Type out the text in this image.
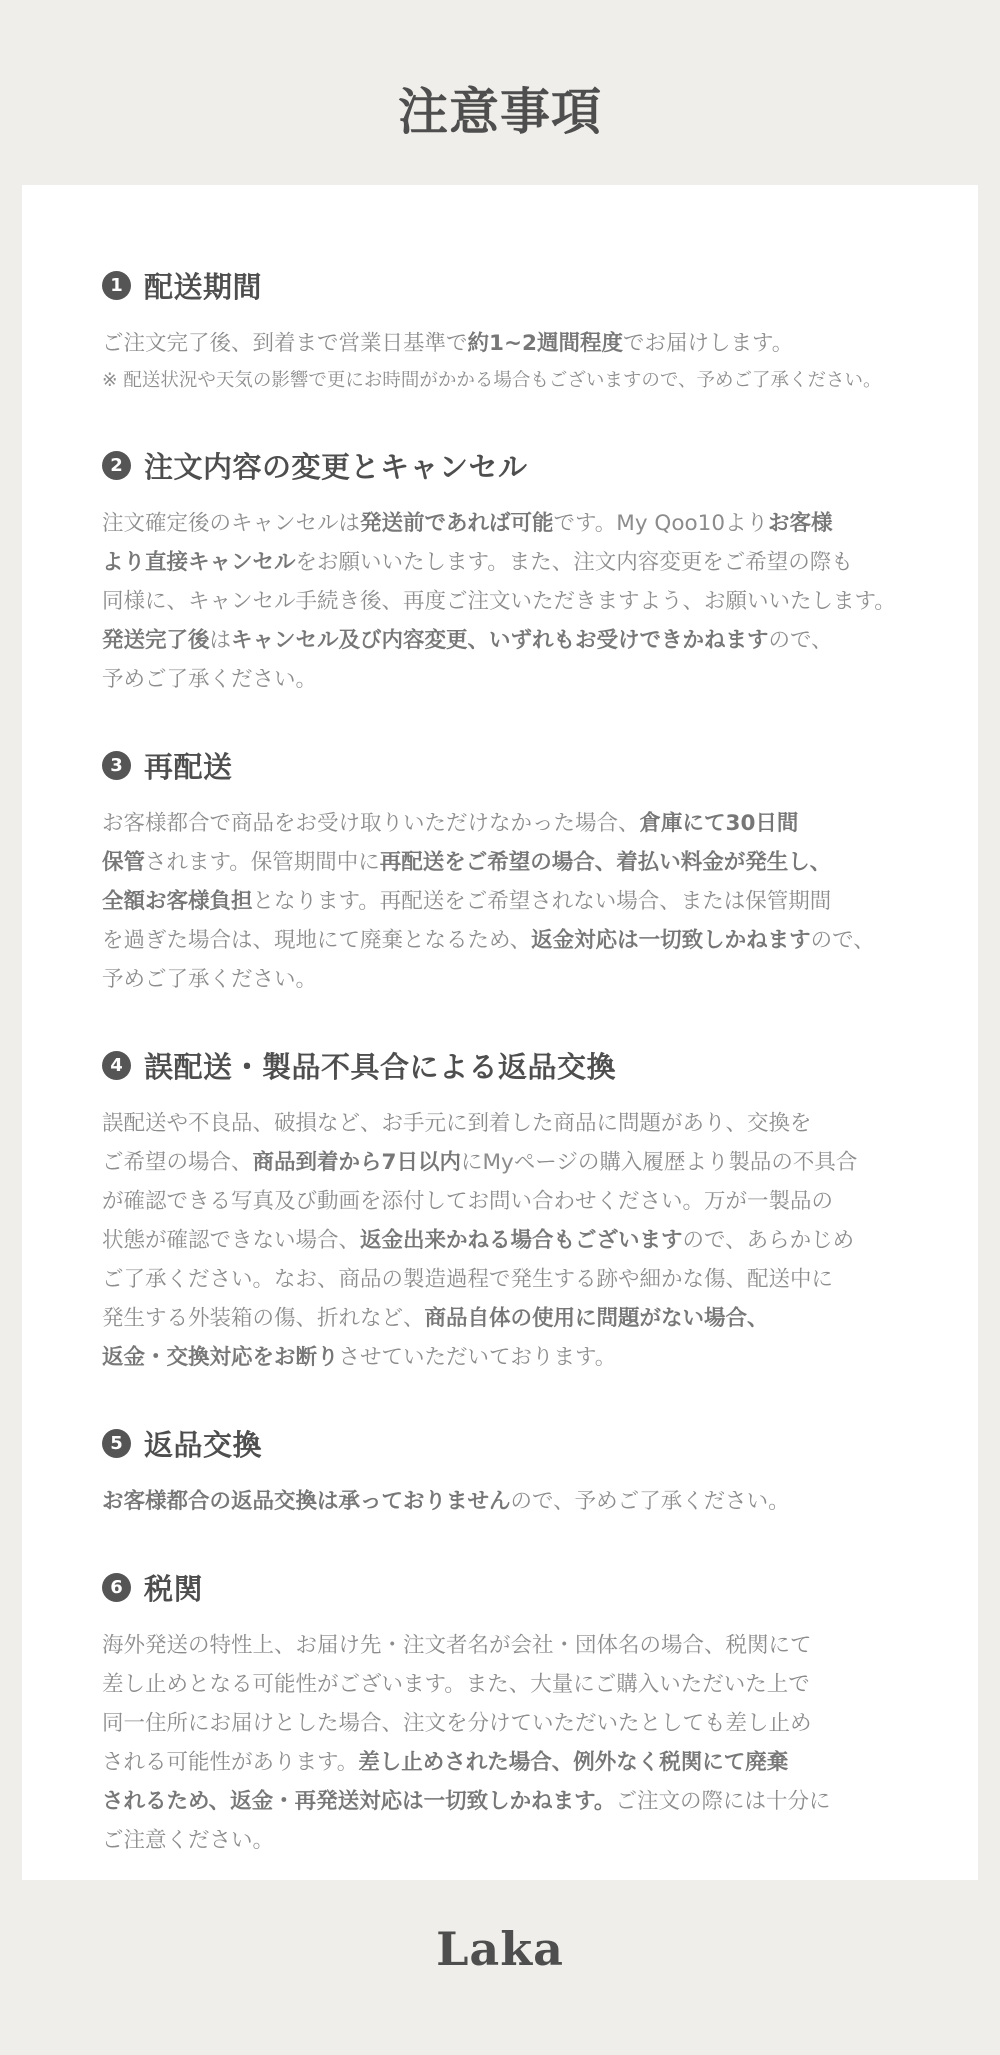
注意事項
1 配送期間

ご注文完了後、到着まで営業日基準で約1~2週間程度でお届けします。

※ 配送状況や天気の影響で更にお時間がかかる場合もございますので、予めご了承ください。

2 注文内容の変更とキャンセル

注文確定後のキャンセルは発送前であれば可能です。My Qoo10よりお客様
より直接キャンセルをお願いいたします。また、注文内容変更をご希望の際も
同様に、キャンセル手続き後、再度ご注文いただきますよう、お願いいたします。
発送完了後はキャンセル及び内容変更、いずれもお受けできかねますので、
予めご了承ください。

3 再配送

お客様都合で商品をお受け取りいただけなかった場合、倉庫にて30日間
保管されます。保管期間中に再配送をご希望の場合、着払い料金が発生し、
全額お客様負担となります。再配送をご希望されない場合、または保管期間
を過ぎた場合は、現地にて廃棄となるため、返金対応は一切致しかねますので、
予めご了承ください。

4 誤配送・製品不具合による返品交換

誤配送や不良品、破損など、お手元に到着した商品に問題があり、交換を
ご希望の場合、商品到着から7日以内にMyページの購入履歴より製品の不具合
が確認できる写真及び動画を添付してお問い合わせください。万が一製品の
状態が確認できない場合、返金出来かねる場合もございますので、あらかじめ
ご了承ください。なお、商品の製造過程で発生する跡や細かな傷、配送中に
発生する外装箱の傷、折れなど、商品自体の使用に問題がない場合、
返金・交換対応をお断りさせていただいております。

5 返品交換

お客様都合の返品交換は承っておりませんので、予めご了承ください。

6 税関

海外発送の特性上、お届け先・注文者名が会社・団体名の場合、税関にて
差し止めとなる可能性がございます。また、大量にご購入いただいた上で
同一住所にお届けとした場合、注文を分けていただいたとしても差し止め
される可能性があります。差し止めされた場合、例外なく税関にて廃棄
されるため、返金・再発送対応は一切致しかねます。ご注文の際には十分に
ご注意ください。

Laka
